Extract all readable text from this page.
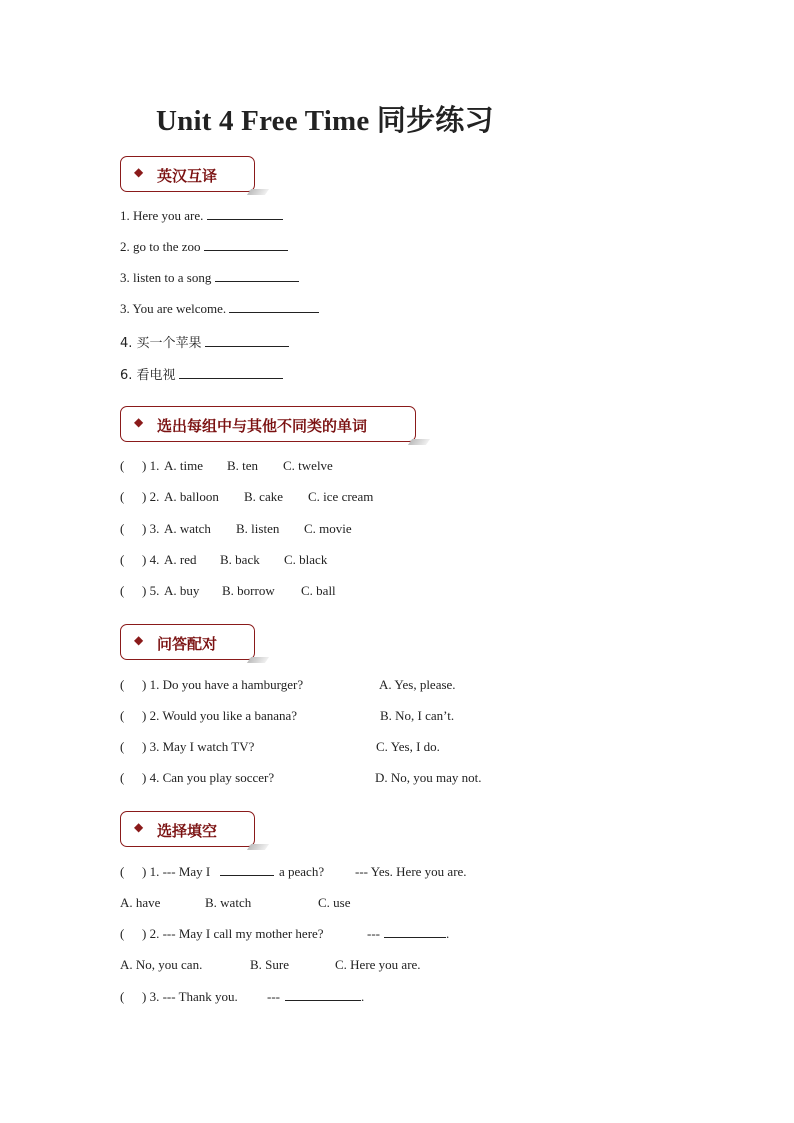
Unit 4 Free Time 同步练习
◆ 英汉互译
1. Here you are.
2. go to the zoo
3. listen to a song
3. You are welcome.
4. 买一个苹果
6. 看电视
◆ 选出每组中与其他不同类的单词
( ) 1. A. time B. ten C. twelve
( ) 2. A. balloon B. cake C. ice cream
( ) 3. A. watch B. listen C. movie
( ) 4. A. red B. back C. black
( ) 5. A. buy B. borrow C. ball
◆ 问答配对
( ) 1. Do you have a hamburger?	A. Yes, please.
( ) 2. Would you like a banana?	B. No, I can’t.
( ) 3. May I watch TV?	C. Yes, I do.
( ) 4. Can you play soccer?	D. No, you may not.
◆ 选择填空
( ) 1. --- May I	a peach? --- Yes. Here you are.
A. have	B. watch	C. use
( ) 2. --- May I call my mother here?	---	.
A. No, you can.	B. Sure	C. Here you are.
( ) 3. --- Thank you. ---	.
